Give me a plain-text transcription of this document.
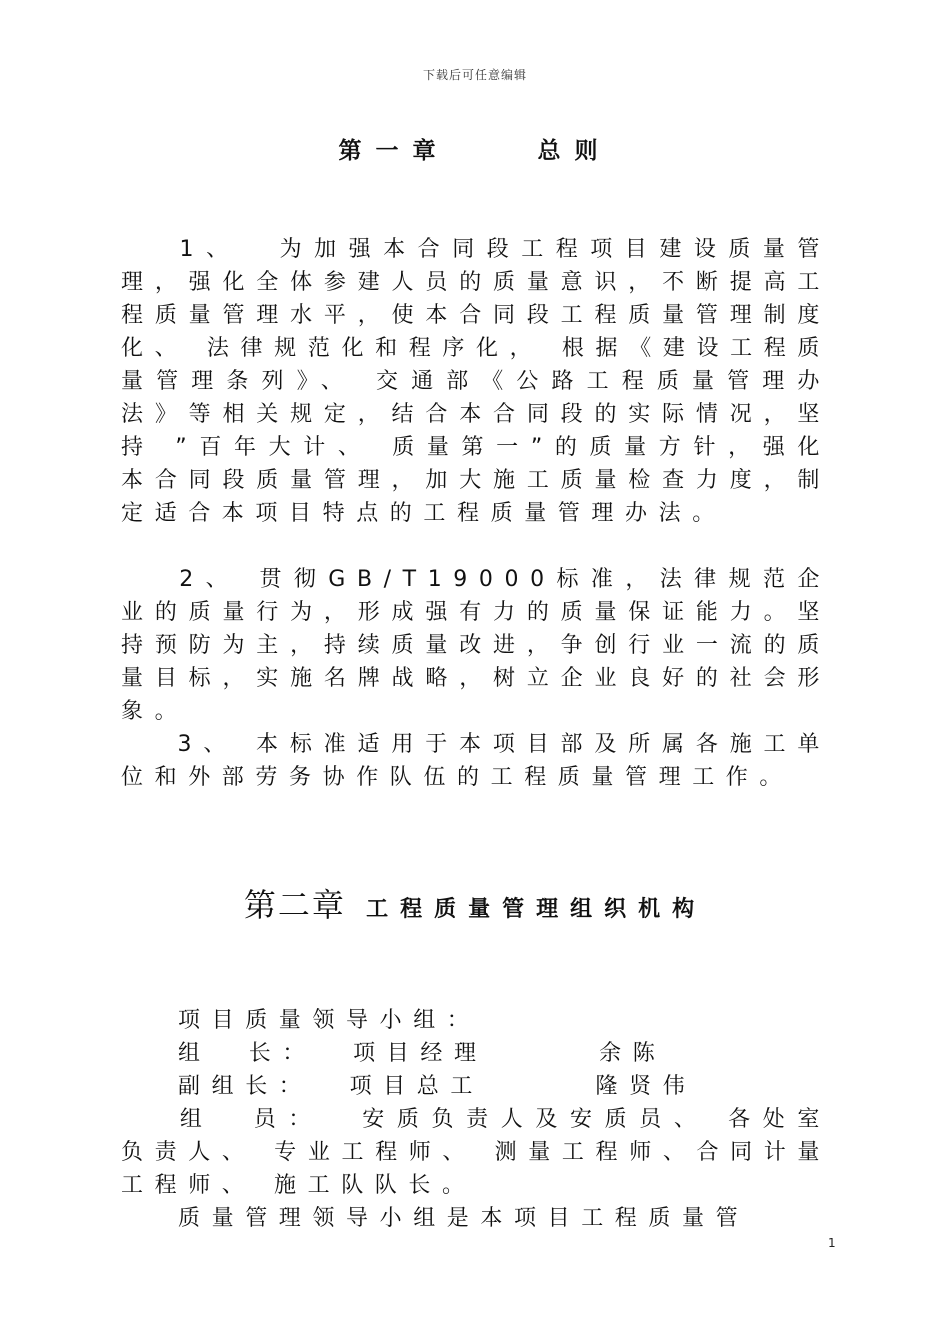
下载后可任意编辑
第一章    总则
1、  为加强本合同段工程项目建设质量管理，强化全体参建人员的质量意识，不断提高工程质量管理水平，使本合同段工程质量管理制度化、 法律规范化和程序化， 根据《建设工程质量管理条列》、 交通部《公路工程质量管理办法》等相关规定，结合本合同段的实际情况，坚持 ”百年大计、 质量第一”的质量方针，强化本合同段质量管理，加大施工质量检查力度，制定适合本项目特点的工程质量管理办法。
2、 贯彻GB/T19000标准，法律规范企业的质量行为，形成强有力的质量保证能力。坚持预防为主，持续质量改进，争创行业一流的质量目标，实施名牌战略，树立企业良好的社会形象。
3、 本标准适用于本项目部及所属各施工单位和外部劳务协作队伍的工程质量管理工作。
第二章 工程质量管理组织机构
项目质量领导小组：
组  长：  项目经理      余陈
副组长：  项目总工      隆贤伟
组  员：  安质负责人及安质员、 各处室负责人、 专业工程师、 测量工程师、合同计量工程师、 施工队队长。
质量管理领导小组是本项目工程质量管
1
